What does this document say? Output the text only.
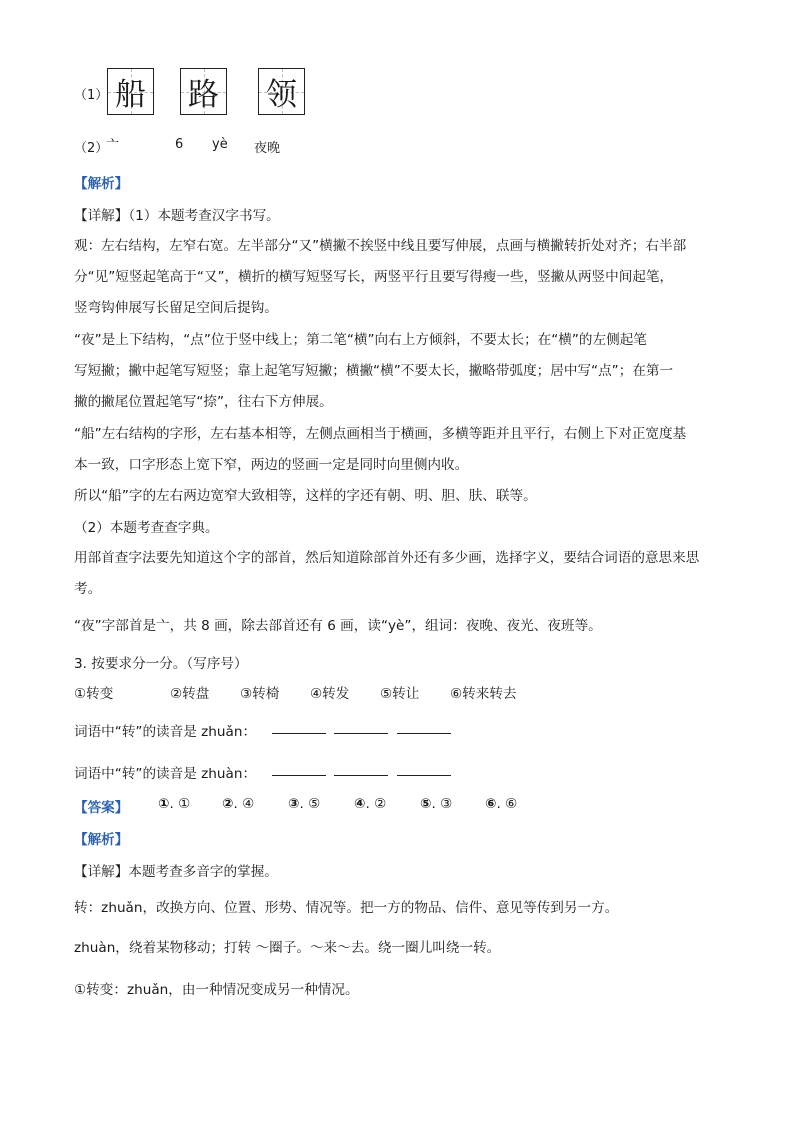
（1） 船 路 领
（2）
亠	6 yè 夜晚
【解析】
【详解】（1）本题考查汉字书写。
观：左右结构，左窄右宽。左半部分“又”横撇不挨竖中线且要写伸展，点画与横撇转折处对齐；右半部
分“见”短竖起笔高于“又”，横折的横写短竖写长，两竖平行且要写得瘦一些，竖撇从两竖中间起笔，
竖弯钩伸展写长留足空间后提钩。
“夜”是上下结构，“点”位于竖中线上；第二笔“横”向右上方倾斜，不要太长；在“横”的左侧起笔
写短撇；撇中起笔写短竖；靠上起笔写短撇；横撇“横”不要太长，撇略带弧度；居中写“点”；在第一
撇的撇尾位置起笔写“捺”，往右下方伸展。
“船”左右结构的字形，左右基本相等，左侧点画相当于横画，多横等距并且平行，右侧上下对正宽度基
本一致，口字形态上宽下窄，两边的竖画一定是同时向里侧内收。
所以“船”字的左右两边宽窄大致相等，这样的字还有朝、明、胆、肤、联等。
（2）本题考查查字典。
用部首查字法要先知道这个字的部首，然后知道除部首外还有多少画，选择字义，要结合词语的意思来思
考。
“夜”字部首是亠，共 8 画，除去部首还有 6 画，读“yè”，组词：夜晚、夜光、夜班等。
3. 按要求分一分。（写序号）
①转变	②转盘 ③转椅 ④转发 ⑤转让 ⑥转来转去
词语中“转”的读音是 zhuǎn：
词语中“转”的读音是 zhuàn：
【答案】 ①. ① ②. ④ ③. ⑤ ④. ② ⑤. ③ ⑥. ⑥
【解析】
【详解】本题考查多音字的掌握。
转：zhuǎn，改换方向、位置、形势、情况等。把一方的物品、信件、意见等传到另一方。
zhuàn，绕着某物移动；打转 ～圈子。～来～去。绕一圈儿叫绕一转。
①转变：zhuǎn，由一种情况变成另一种情况。
